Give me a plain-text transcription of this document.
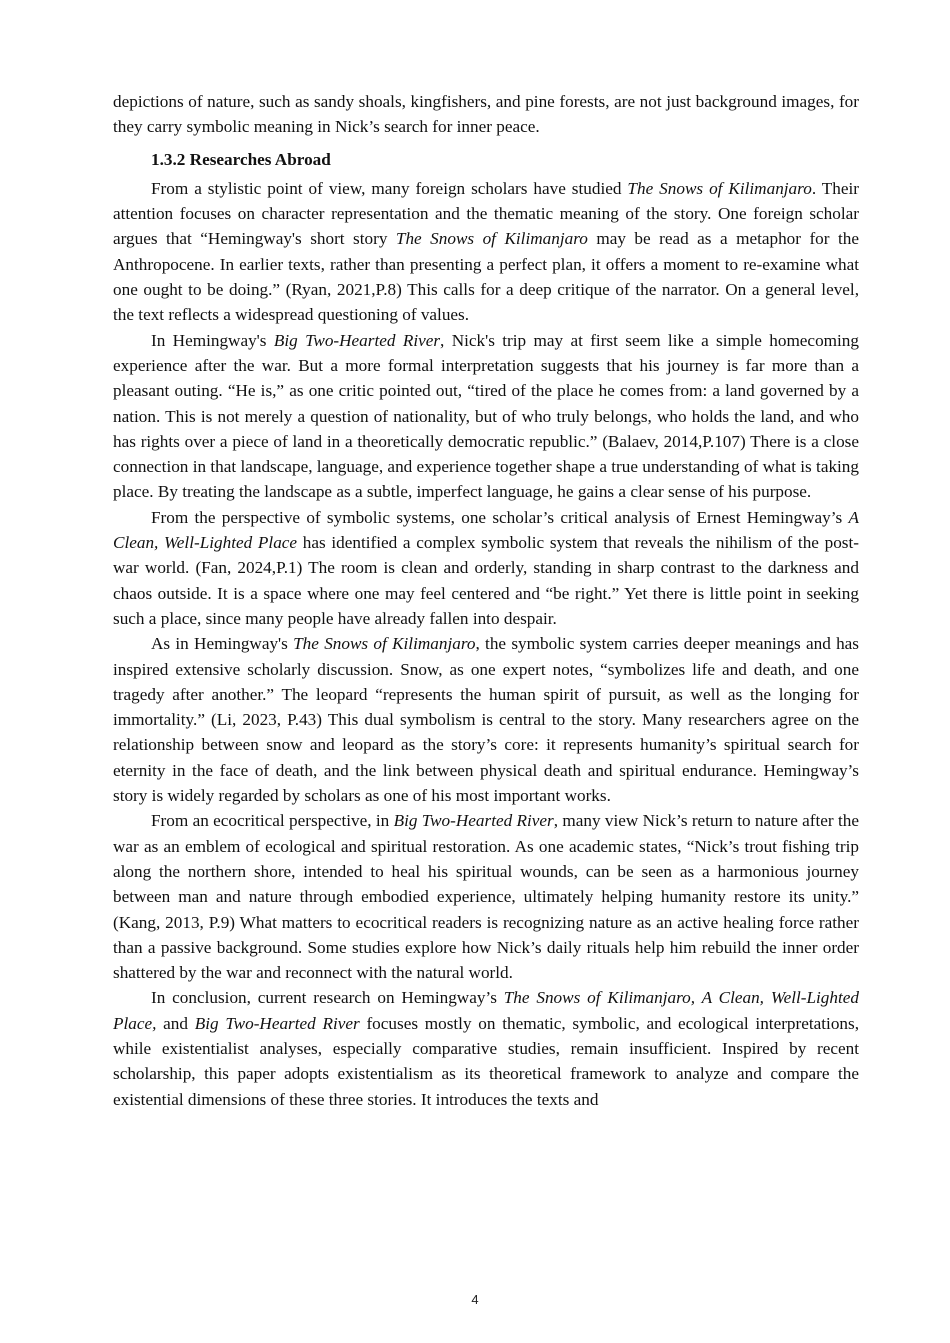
depictions of nature, such as sandy shoals, kingfishers, and pine forests, are not just background images, for they carry symbolic meaning in Nick’s search for inner peace.

1.3.2 Researches Abroad

From a stylistic point of view, many foreign scholars have studied The Snows of Kilimanjaro. Their attention focuses on character representation and the thematic meaning of the story. One foreign scholar argues that “Hemingway's short story The Snows of Kilimanjaro may be read as a metaphor for the Anthropocene. In earlier texts, rather than presenting a perfect plan, it offers a moment to re-examine what one ought to be doing.” (Ryan, 2021,P.8) This calls for a deep critique of the narrator. On a general level, the text reflects a widespread questioning of values.

In Hemingway's Big Two-Hearted River, Nick's trip may at first seem like a simple homecoming experience after the war. But a more formal interpretation suggests that his journey is far more than a pleasant outing. “He is,” as one critic pointed out, “tired of the place he comes from: a land governed by a nation. This is not merely a question of nationality, but of who truly belongs, who holds the land, and who has rights over a piece of land in a theoretically democratic republic.” (Balaev, 2014,P.107) There is a close connection in that landscape, language, and experience together shape a true understanding of what is taking place. By treating the landscape as a subtle, imperfect language, he gains a clear sense of his purpose.

From the perspective of symbolic systems, one scholar’s critical analysis of Ernest Hemingway’s A Clean, Well-Lighted Place has identified a complex symbolic system that reveals the nihilism of the post-war world. (Fan, 2024,P.1) The room is clean and orderly, standing in sharp contrast to the darkness and chaos outside. It is a space where one may feel centered and “be right.” Yet there is little point in seeking such a place, since many people have already fallen into despair.

As in Hemingway's The Snows of Kilimanjaro, the symbolic system carries deeper meanings and has inspired extensive scholarly discussion. Snow, as one expert notes, “symbolizes life and death, and one tragedy after another.” The leopard “represents the human spirit of pursuit, as well as the longing for immortality.” (Li, 2023, P.43) This dual symbolism is central to the story. Many researchers agree on the relationship between snow and leopard as the story’s core: it represents humanity’s spiritual search for eternity in the face of death, and the link between physical death and spiritual endurance. Hemingway’s story is widely regarded by scholars as one of his most important works.

From an ecocritical perspective, in Big Two-Hearted River, many view Nick’s return to nature after the war as an emblem of ecological and spiritual restoration. As one academic states, “Nick’s trout fishing trip along the northern shore, intended to heal his spiritual wounds, can be seen as a harmonious journey between man and nature through embodied experience, ultimately helping humanity restore its unity.” (Kang, 2013, P.9) What matters to ecocritical readers is recognizing nature as an active healing force rather than a passive background. Some studies explore how Nick’s daily rituals help him rebuild the inner order shattered by the war and reconnect with the natural world.

In conclusion, current research on Hemingway’s The Snows of Kilimanjaro, A Clean, Well-Lighted Place, and Big Two-Hearted River focuses mostly on thematic, symbolic, and ecological interpretations, while existentialist analyses, especially comparative studies, remain insufficient. Inspired by recent scholarship, this paper adopts existentialism as its theoretical framework to analyze and compare the existential dimensions of these three stories. It introduces the texts and

4
